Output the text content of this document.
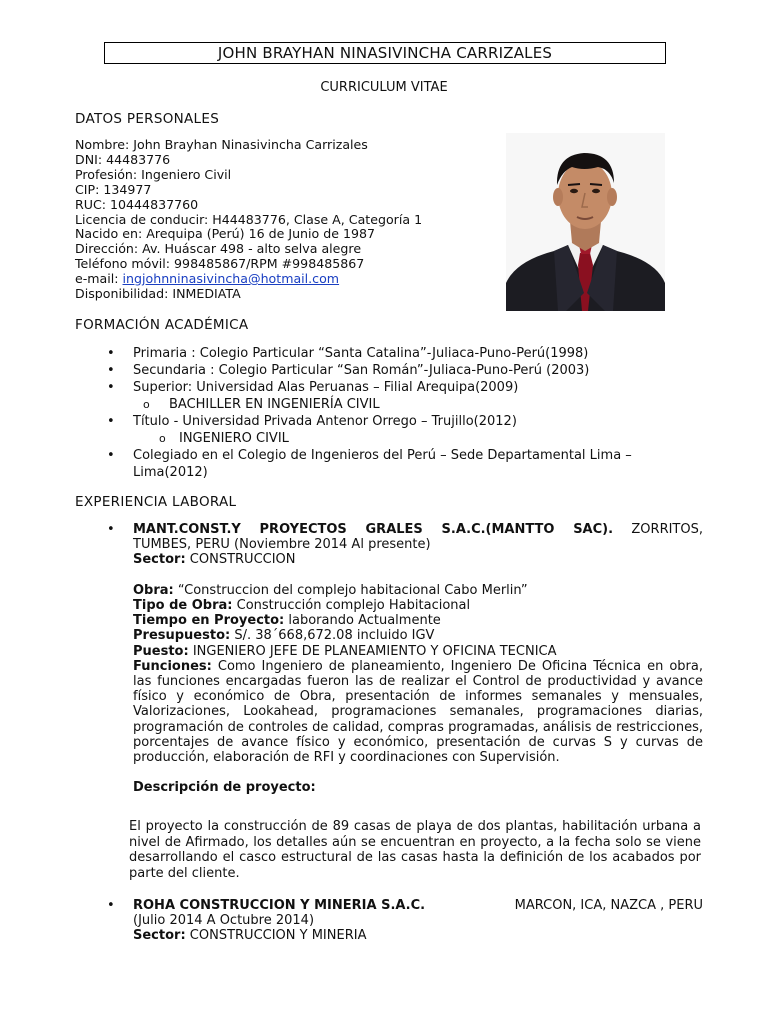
JOHN BRAYHAN NINASIVINCHA CARRIZALES
CURRICULUM VITAE
DATOS PERSONALES
Nombre: John Brayhan Ninasivincha Carrizales
DNI: 44483776
Profesión: Ingeniero Civil
CIP: 134977
RUC: 10444837760
Licencia de conducir: H44483776, Clase A, Categoría 1
Nacido en: Arequipa (Perú) 16 de Junio de 1987
Dirección: Av. Huáscar 498 - alto selva alegre
Teléfono móvil: 998485867/RPM #998485867
e-mail: ingjohnninasivincha@hotmail.com
Disponibilidad: INMEDIATA
FORMACIÓN ACADÉMICA
• Primaria : Colegio Particular “Santa Catalina”-Juliaca-Puno-Perú(1998)
• Secundaria : Colegio Particular “San Román”-Juliaca-Puno-Perú (2003)
• Superior: Universidad Alas Peruanas – Filial Arequipa(2009)
o BACHILLER EN INGENIERÍA CIVIL
• Título - Universidad Privada Antenor Orrego – Trujillo(2012)
o INGENIERO CIVIL
• Colegiado en el Colegio de Ingenieros del Perú – Sede Departamental Lima –
Lima(2012)
EXPERIENCIA LABORAL
• MANT.CONST.Y PROYECTOS GRALES S.A.C.(MANTTO SAC). ZORRITOS,
TUMBES, PERU (Noviembre 2014 Al presente)
Sector: CONSTRUCCION
Obra: “Construccion del complejo habitacional Cabo Merlin”
Tipo de Obra: Construcción complejo Habitacional
Tiempo en Proyecto: laborando Actualmente
Presupuesto: S/. 38´668,672.08 incluido IGV
Puesto: INGENIERO JEFE DE PLANEAMIENTO Y OFICINA TECNICA
Funciones: Como Ingeniero de planeamiento, Ingeniero De Oficina Técnica en obra, las funciones encargadas fueron las de realizar el Control de productividad y avance físico y económico de Obra, presentación de informes semanales y mensuales, Valorizaciones, Lookahead, programaciones semanales, programaciones diarias, programación de controles de calidad, compras programadas, análisis de restricciones, porcentajes de avance físico y económico, presentación de curvas S y curvas de producción, elaboración de RFI y coordinaciones con Supervisión.
Descripción de proyecto:
El proyecto la construcción de 89 casas de playa de dos plantas, habilitación urbana a nivel de Afirmado, los detalles aún se encuentran en proyecto, a la fecha solo se viene desarrollando el casco estructural de las casas hasta la definición de los acabados por parte del cliente.
• ROHA CONSTRUCCION Y MINERIA S.A.C.	MARCON, ICA, NAZCA , PERU
(Julio 2014 A Octubre 2014)
Sector: CONSTRUCCION Y MINERIA
